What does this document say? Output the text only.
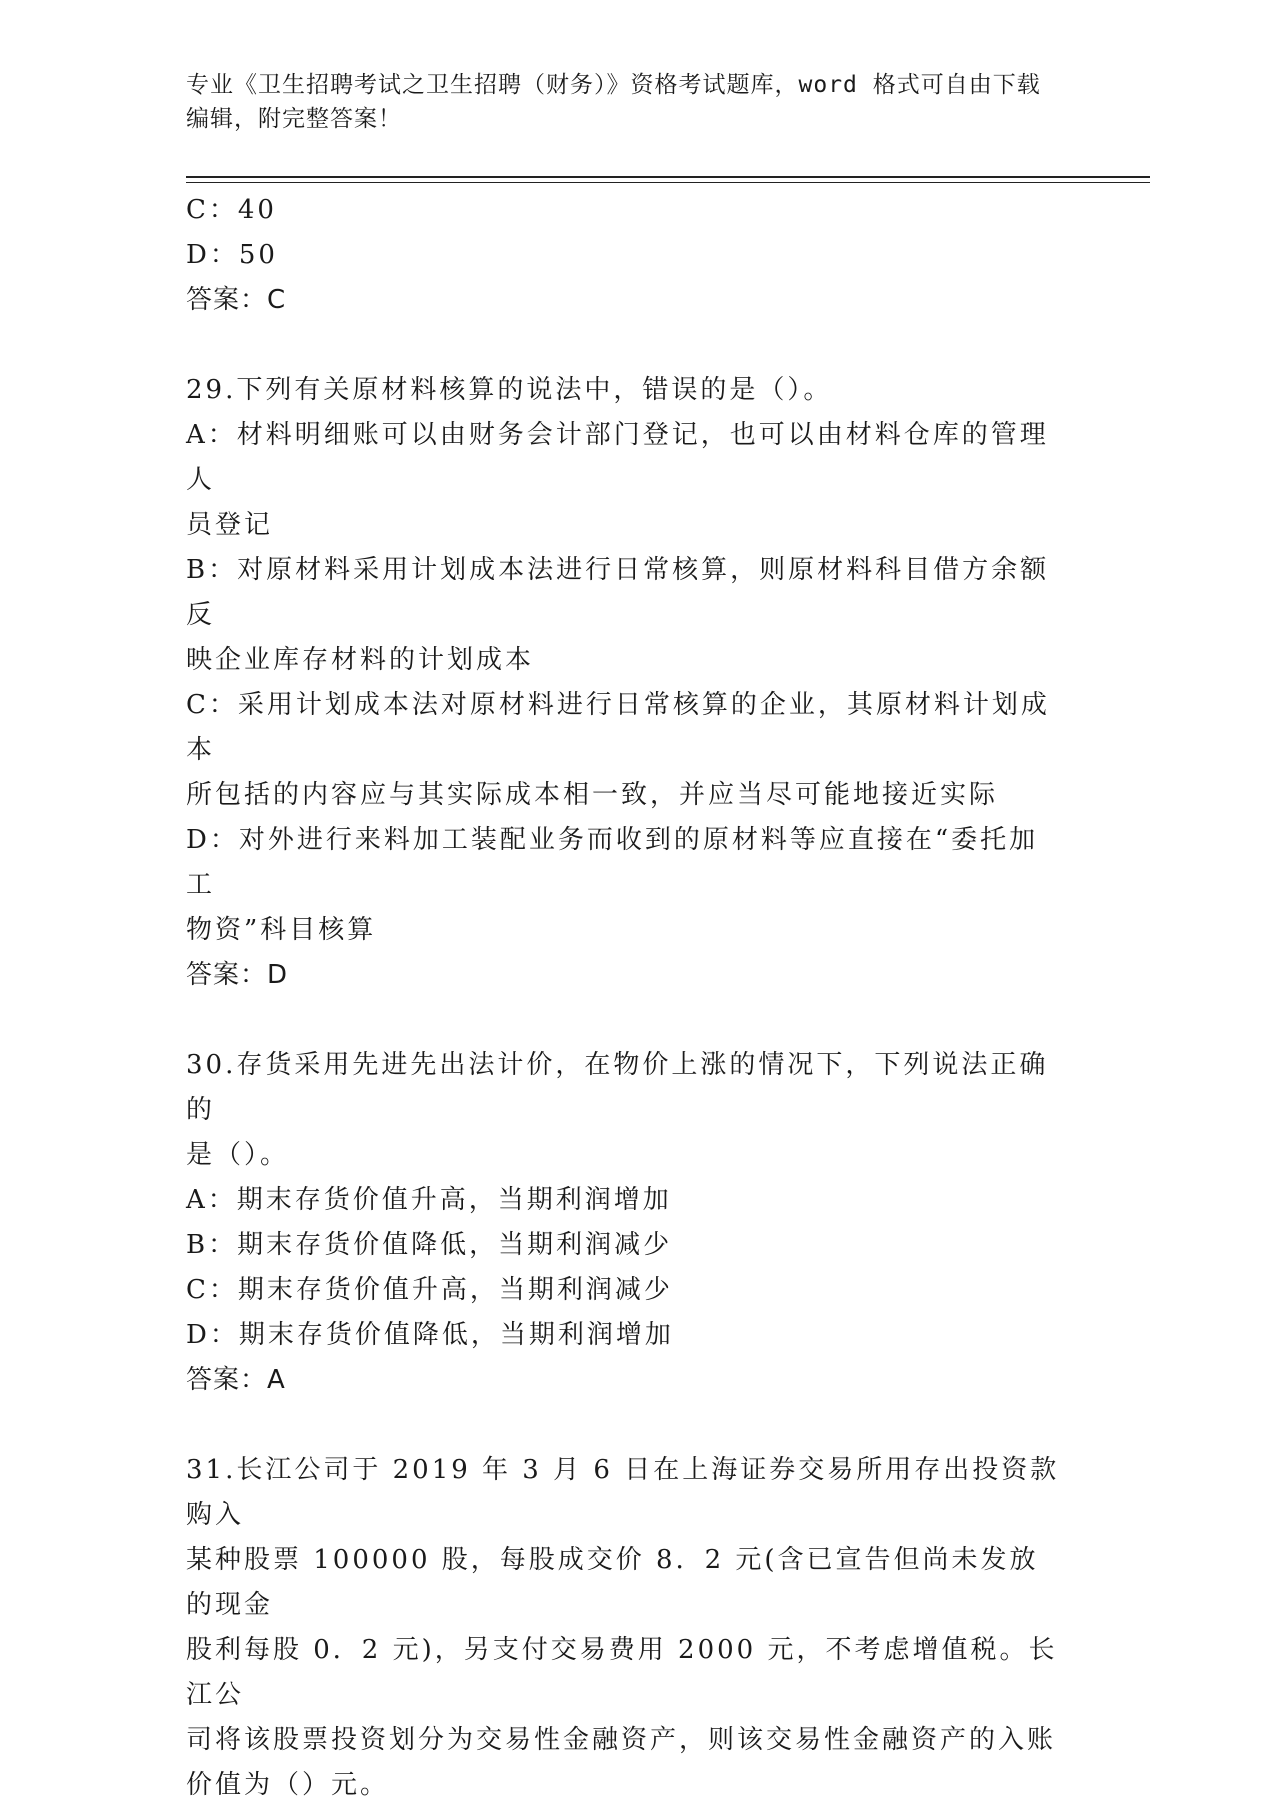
专业《卫生招聘考试之卫生招聘（财务）》资格考试题库，word 格式可自由下载
编辑，附完整答案！
C：40
D：50
答案：C
29.下列有关原材料核算的说法中，错误的是（）。
A：材料明细账可以由财务会计部门登记，也可以由材料仓库的管理人
员登记
B：对原材料采用计划成本法进行日常核算，则原材料科目借方余额反
映企业库存材料的计划成本
C：采用计划成本法对原材料进行日常核算的企业，其原材料计划成本
所包括的内容应与其实际成本相一致，并应当尽可能地接近实际
D：对外进行来料加工装配业务而收到的原材料等应直接在“委托加工
物资”科目核算
答案：D
30.存货采用先进先出法计价，在物价上涨的情况下，下列说法正确的
是（）。
A：期末存货价值升高，当期利润增加
B：期末存货价值降低，当期利润减少
C：期末存货价值升高，当期利润减少
D：期末存货价值降低，当期利润增加
答案：A
31.长江公司于 2019 年 3 月 6 日在上海证券交易所用存出投资款购入
某种股票 100000 股，每股成交价 8．2 元(含已宣告但尚未发放的现金
股利每股 0．2 元)，另支付交易费用 2000 元，不考虑增值税。长江公
司将该股票投资划分为交易性金融资产，则该交易性金融资产的入账
价值为（）元。
